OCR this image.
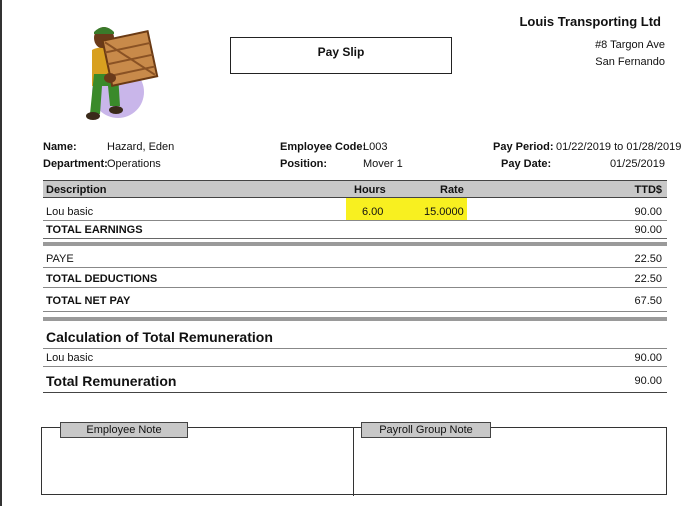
Pay Slip
Louis Transporting Ltd
#8 Targon Ave
San Fernando
Name:	Hazard, Eden
Department: Operations
Employee Code:
L003
Position:	Mover 1
Pay Period: 01/22/2019 to 01/28/2019
Pay Date:	01/25/2019
Description	Hours	Rate	TTD$
Lou basic	6.00	15.0000	90.00
TOTAL EARNINGS	90.00
PAYE	22.50
TOTAL DEDUCTIONS	22.50
TOTAL NET PAY	67.50
Calculation of Total Remuneration
Lou basic	90.00
Total Remuneration	90.00
Employee Note	Payroll Group Note
